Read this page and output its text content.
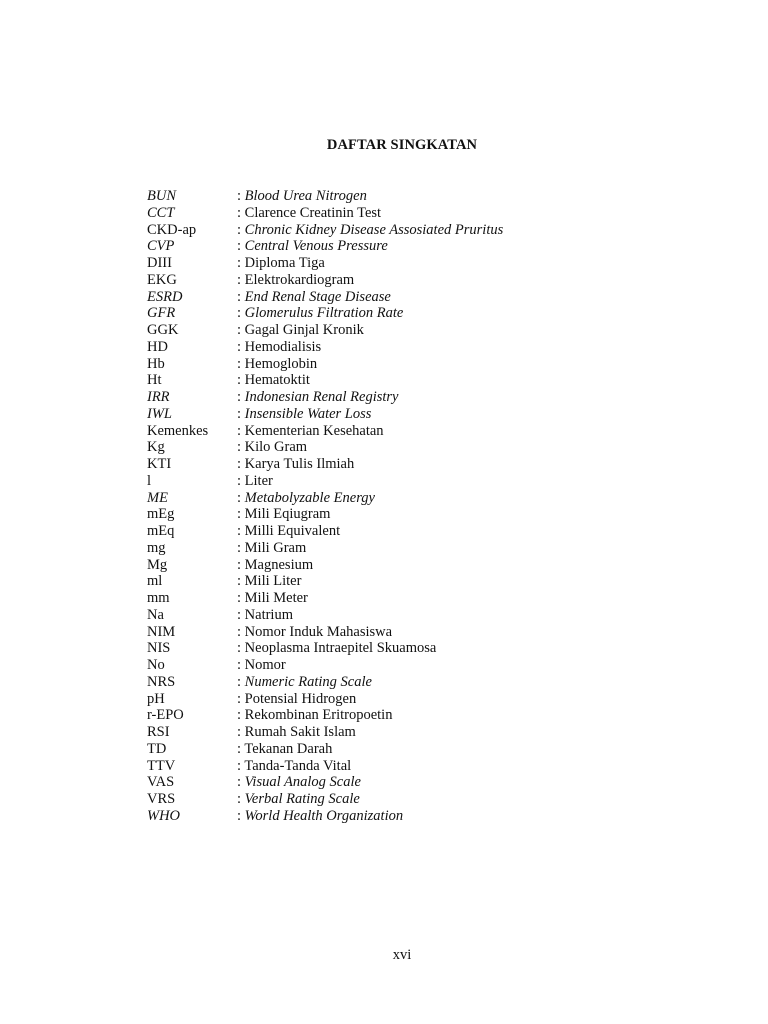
DAFTAR SINGKATAN
BUN	: Blood Urea Nitrogen
CCT	: Clarence Creatinin Test
CKD-ap	: Chronic Kidney Disease Assosiated Pruritus
CVP	: Central Venous Pressure
DIII	: Diploma Tiga
EKG	: Elektrokardiogram
ESRD	: End Renal Stage Disease
GFR	: Glomerulus Filtration Rate
GGK	: Gagal Ginjal Kronik
HD	: Hemodialisis
Hb	: Hemoglobin
Ht	: Hematoktit
IRR	: Indonesian Renal Registry
IWL	: Insensible Water Loss
Kemenkes : Kementerian Kesehatan
Kg	: Kilo Gram
KTI	: Karya Tulis Ilmiah
l	: Liter
ME	: Metabolyzable Energy
mEg	: Mili Eqiugram
mEq	: Milli Equivalent
mg	: Mili Gram
Mg	: Magnesium
ml	: Mili Liter
mm	: Mili Meter
Na	: Natrium
NIM	: Nomor Induk Mahasiswa
NIS	: Neoplasma Intraepitel Skuamosa
No	: Nomor
NRS	: Numeric Rating Scale
pH	: Potensial Hidrogen
r-EPO	: Rekombinan Eritropoetin
RSI	: Rumah Sakit Islam
TD	: Tekanan Darah
TTV	: Tanda-Tanda Vital
VAS	: Visual Analog Scale
VRS	: Verbal Rating Scale
WHO	: World Health Organization
xvi
